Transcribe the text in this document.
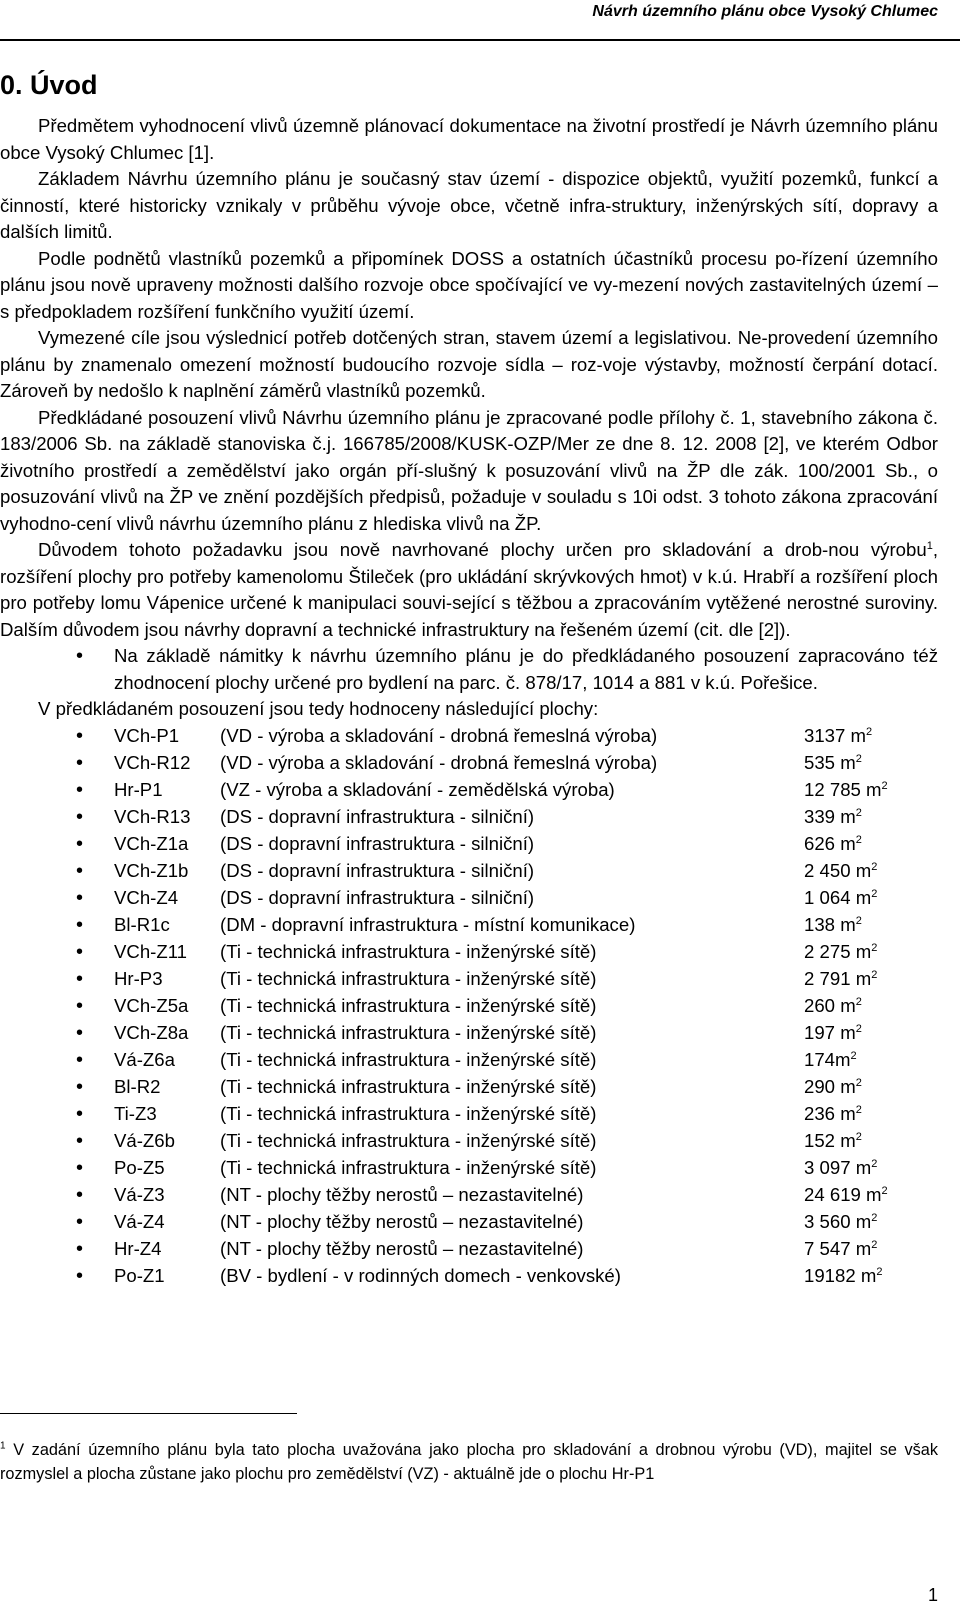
Návrh územního plánu obce Vysoký Chlumec
0. Úvod

Předmětem vyhodnocení vlivů územně plánovací dokumentace na životní prostředí je Návrh územního plánu obce Vysoký Chlumec [1].

Základem Návrhu územního plánu je současný stav území - dispozice objektů, využití pozemků, funkcí a činností, které historicky vznikaly v průběhu vývoje obce, včetně infra-struktury, inženýrských sítí, dopravy a dalších limitů.

Podle podnětů vlastníků pozemků a připomínek DOSS a ostatních účastníků procesu po-řízení územního plánu jsou nově upraveny možnosti dalšího rozvoje obce spočívající ve vy-mezení nových zastavitelných území – s předpokladem rozšíření funkčního využití území.

Vymezené cíle jsou výslednicí potřeb dotčených stran, stavem území a legislativou. Ne-provedení územního plánu by znamenalo omezení možností budoucího rozvoje sídla – roz-voje výstavby, možností čerpání dotací. Zároveň by nedošlo k naplnění záměrů vlastníků pozemků.

Předkládané posouzení vlivů Návrhu územního plánu je zpracované podle přílohy č. 1, stavebního zákona č. 183/2006 Sb. na základě stanoviska č.j. 166785/2008/KUSK-OZP/Mer ze dne 8. 12. 2008 [2], ve kterém Odbor životního prostředí a zemědělství jako orgán pří-slušný k posuzování vlivů na ŽP dle zák. 100/2001 Sb., o posuzování vlivů na ŽP ve znění pozdějších předpisů, požaduje v souladu s 10i odst. 3 tohoto zákona zpracování vyhodno-cení vlivů návrhu územního plánu z hlediska vlivů na ŽP.

Důvodem tohoto požadavku jsou nově navrhované plochy určen pro skladování a drob-nou výrobu$^1$, rozšíření plochy pro potřeby kamenolomu Štileček (pro ukládání skrývkových hmot) v k.ú. Hrabří a rozšíření ploch pro potřeby lomu Vápenice určené k manipulaci souvi-sející s těžbou a zpracováním vytěžené nerostné suroviny. Dalším důvodem jsou návrhy dopravní a technické infrastruktury na řešeném území (cit. dle [2]).

• Na základě námitky k návrhu územního plánu je do předkládaného posouzení zapracováno též zhodnocení plochy určené pro bydlení na parc. č. 878/17, 1014 a 881 v k.ú. Pořešice.

V předkládaném posouzení jsou tedy hodnoceny následující plochy:

• VCh-P1 (VD - výroba a skladování - drobná řemeslná výroba)	3137 $m^2$
• VCh-R12 (VD - výroba a skladování - drobná řemeslná výroba)	535 $m^2$
• Hr-P1	(VZ - výroba a skladování - zemědělská výroba)	12 785 $m^2$
• VCh-R13 (DS - dopravní infrastruktura - silniční)	339 $m^2$
• VCh-Z1a (DS - dopravní infrastruktura - silniční)	626 $m^2$
• VCh-Z1b (DS - dopravní infrastruktura - silniční)	2 450 $m^2$
• VCh-Z4 (DS - dopravní infrastruktura - silniční)	1 064 $m^2$
• Bl-R1c	(DM - dopravní infrastruktura - místní komunikace)	138 $m^2$
• VCh-Z11 (Ti - technická infrastruktura - inženýrské sítě)	2 275 $m^2$
• Hr-P3	(Ti - technická infrastruktura - inženýrské sítě)	2 791 $m^2$
• VCh-Z5a (Ti - technická infrastruktura - inženýrské sítě)	260 $m^2$
• VCh-Z8a (Ti - technická infrastruktura - inženýrské sítě)	197 $m^2$
• Vá-Z6a (Ti - technická infrastruktura - inženýrské sítě)	$174m^2$
• Bl-R2	(Ti - technická infrastruktura - inženýrské sítě)	290 $m^2$
• Ti-Z3	(Ti - technická infrastruktura - inženýrské sítě)	236 $m^2$
• Vá-Z6b (Ti - technická infrastruktura - inženýrské sítě)	152 $m^2$
• Po-Z5	(Ti - technická infrastruktura - inženýrské sítě)	3 097 $m^2$
• Vá-Z3	(NT - plochy těžby nerostů – nezastavitelné)	24 619 $m^2$
• Vá-Z4	(NT - plochy těžby nerostů – nezastavitelné)	3 560 $m^2$
• Hr-Z4	(NT - plochy těžby nerostů – nezastavitelné)	7 547 $m^2$
• Po-Z1	(BV - bydlení - v rodinných domech - venkovské)	19182 $m^2$
$^1$ V zadání územního plánu byla tato plocha uvažována jako plocha pro skladování a drobnou výrobu (VD), majitel se však rozmyslel a plocha zůstane jako plochu pro zemědělství (VZ) - aktuálně jde o plochu Hr-P1
1
